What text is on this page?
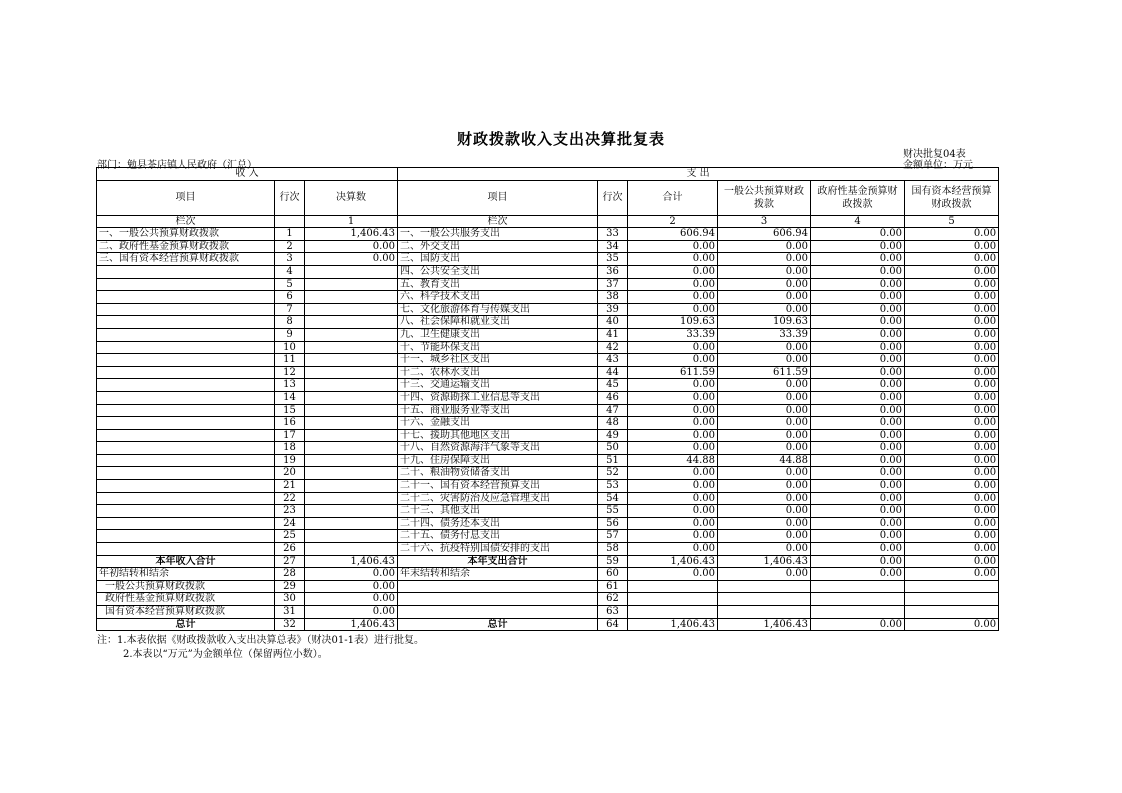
财政拨款收入支出决算批复表
财决批复04表
部门：勉县茶店镇人民政府（汇总）	金额单位：万元
收 入			支 出					
项目	行次	决算数	项目	行次	合计	一般公共预算财政拨款	政府性基金预算财政拨款	国有资本经营预算财政拨款
栏次		1	栏次		2	3	4	5
一、一般公共预算财政拨款	1	1,406.43	一、一般公共服务支出	33	606.94	606.94	0.00	0.00
二、政府性基金预算财政拨款	2	0.00	二、外交支出	34	0.00	0.00	0.00	0.00
三、国有资本经营预算财政拨款	3	0.00	三、国防支出	35	0.00	0.00	0.00	0.00
	4		四、公共安全支出	36	0.00	0.00	0.00	0.00
	5		五、教育支出	37	0.00	0.00	0.00	0.00
	6		六、科学技术支出	38	0.00	0.00	0.00	0.00
	7		七、文化旅游体育与传媒支出	39	0.00	0.00	0.00	0.00
	8		八、社会保障和就业支出	40	109.63	109.63	0.00	0.00
	9		九、卫生健康支出	41	33.39	33.39	0.00	0.00
	10		十、节能环保支出	42	0.00	0.00	0.00	0.00
	11		十一、城乡社区支出	43	0.00	0.00	0.00	0.00
	12		十二、农林水支出	44	611.59	611.59	0.00	0.00
	13		十三、交通运输支出	45	0.00	0.00	0.00	0.00
	14		十四、资源勘探工业信息等支出	46	0.00	0.00	0.00	0.00
	15		十五、商业服务业等支出	47	0.00	0.00	0.00	0.00
	16		十六、金融支出	48	0.00	0.00	0.00	0.00
	17		十七、援助其他地区支出	49	0.00	0.00	0.00	0.00
	18		十八、自然资源海洋气象等支出	50	0.00	0.00	0.00	0.00
	19		十九、住房保障支出	51	44.88	44.88	0.00	0.00
	20		二十、粮油物资储备支出	52	0.00	0.00	0.00	0.00
	21		二十一、国有资本经营预算支出	53	0.00	0.00	0.00	0.00
	22		二十二、灾害防治及应急管理支出	54	0.00	0.00	0.00	0.00
	23		二十三、其他支出	55	0.00	0.00	0.00	0.00
	24		二十四、债务还本支出	56	0.00	0.00	0.00	0.00
	25		二十五、债务付息支出	57	0.00	0.00	0.00	0.00
	26		二十六、抗疫特别国债安排的支出	58	0.00	0.00	0.00	0.00
本年收入合计	27	1,406.43	本年支出合计	59	1,406.43	1,406.43	0.00	0.00
年初结转和结余	28	0.00	年末结转和结余	60	0.00	0.00	0.00	0.00
一般公共预算财政拨款	29	0.00		61				
政府性基金预算财政拨款	30	0.00		62				
国有资本经营预算财政拨款	31	0.00		63				
总计	32	1,406.43	总计	64	1,406.43	1,406.43	0.00	0.00
注：1.本表依据《财政拨款收入支出决算总表》（财决01-1表）进行批复。
2.本表以“万元”为金额单位（保留两位小数）。
